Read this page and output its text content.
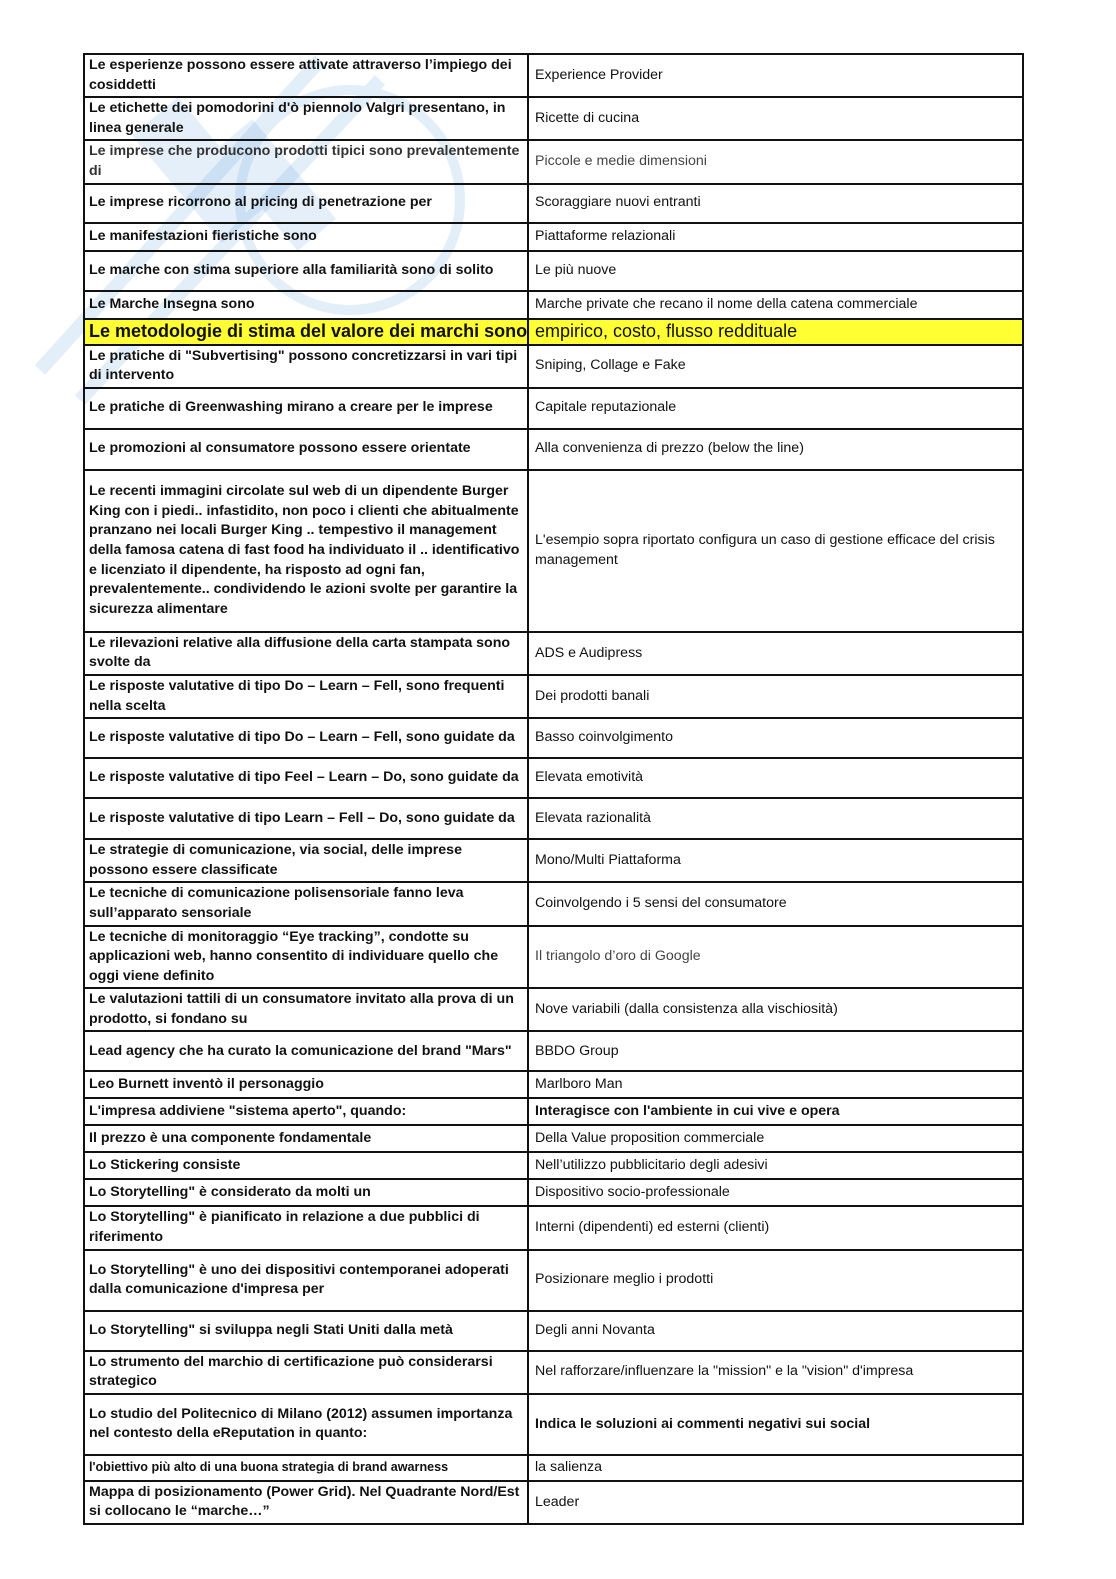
Le esperienze possono essere attivate attraverso l’impiego dei cosiddetti	Experience Provider
Le etichette dei pomodorini d'ò piennolo Valgri presentano, in linea generale	Ricette di cucina
Le imprese che producono prodotti tipici sono prevalentemente di	Piccole e medie dimensioni
Le imprese ricorrono al pricing di penetrazione per	Scoraggiare nuovi entranti
Le manifestazioni fieristiche sono	Piattaforme relazionali
Le marche con stima superiore alla familiarità sono di solito	Le più nuove
Le Marche Insegna sono	Marche private che recano il nome della catena commerciale
Le metodologie di stima del valore dei marchi sono	empirico, costo, flusso reddituale
Le pratiche di "Subvertising" possono concretizzarsi in vari tipi di intervento	Sniping, Collage e Fake
Le pratiche di Greenwashing mirano a creare per le imprese	Capitale reputazionale
Le promozioni al consumatore possono essere orientate	Alla convenienza di prezzo (below the line)
Le recenti immagini circolate sul web di un dipendente Burger King con i piedi.. infastidito, non poco i clienti che abitualmente pranzano nei locali Burger King .. tempestivo il management della famosa catena di fast food ha individuato il .. identificativo e licenziato il dipendente, ha risposto ad ogni fan, prevalentemente.. condividendo le azioni svolte per garantire la sicurezza alimentare	L'esempio sopra riportato configura un caso di gestione efficace del crisis management
Le rilevazioni relative alla diffusione della carta stampata sono svolte da	ADS e Audipress
Le risposte valutative di tipo Do – Learn – Fell, sono frequenti nella scelta	Dei prodotti banali
Le risposte valutative di tipo Do – Learn – Fell, sono guidate da	Basso coinvolgimento
Le risposte valutative di tipo Feel – Learn – Do, sono guidate da	Elevata emotività
Le risposte valutative di tipo Learn – Fell – Do, sono guidate da	Elevata razionalità
Le strategie di comunicazione, via social, delle imprese possono essere classificate	Mono/Multi Piattaforma
Le tecniche di comunicazione polisensoriale fanno leva sull’apparato sensoriale	Coinvolgendo i 5 sensi del consumatore
Le tecniche di monitoraggio “Eye tracking”, condotte su applicazioni web, hanno consentito di individuare quello che oggi viene definito	Il triangolo d’oro di Google
Le valutazioni tattili di un consumatore invitato alla prova di un prodotto, si fondano su	Nove variabili (dalla consistenza alla vischiosità)
Lead agency che ha curato la comunicazione del brand "Mars"	BBDO Group
Leo Burnett inventò il personaggio	Marlboro Man
L'impresa addiviene "sistema aperto", quando:	Interagisce con l'ambiente in cui vive e opera
Il prezzo è una componente fondamentale	Della Value proposition commerciale
Lo Stickering consiste	Nell’utilizzo pubblicitario degli adesivi
Lo Storytelling" è considerato da molti un	Dispositivo socio-professionale
Lo Storytelling" è pianificato in relazione a due pubblici di riferimento	Interni (dipendenti) ed esterni (clienti)
Lo Storytelling" è uno dei dispositivi contemporanei adoperati dalla comunicazione d'impresa per	Posizionare meglio i prodotti
Lo Storytelling" si sviluppa negli Stati Uniti dalla metà	Degli anni Novanta
Lo strumento del marchio di certificazione può considerarsi strategico	Nel rafforzare/influenzare la "mission" e la "vision" d'impresa
Lo studio del Politecnico di Milano (2012) assumen importanza nel contesto della eReputation in quanto:	Indica le soluzioni ai commenti negativi sui social
l'obiettivo più alto di una buona strategia di brand awarness	la salienza
Mappa di posizionamento (Power Grid). Nel Quadrante Nord/Est si collocano le “marche…”	Leader
